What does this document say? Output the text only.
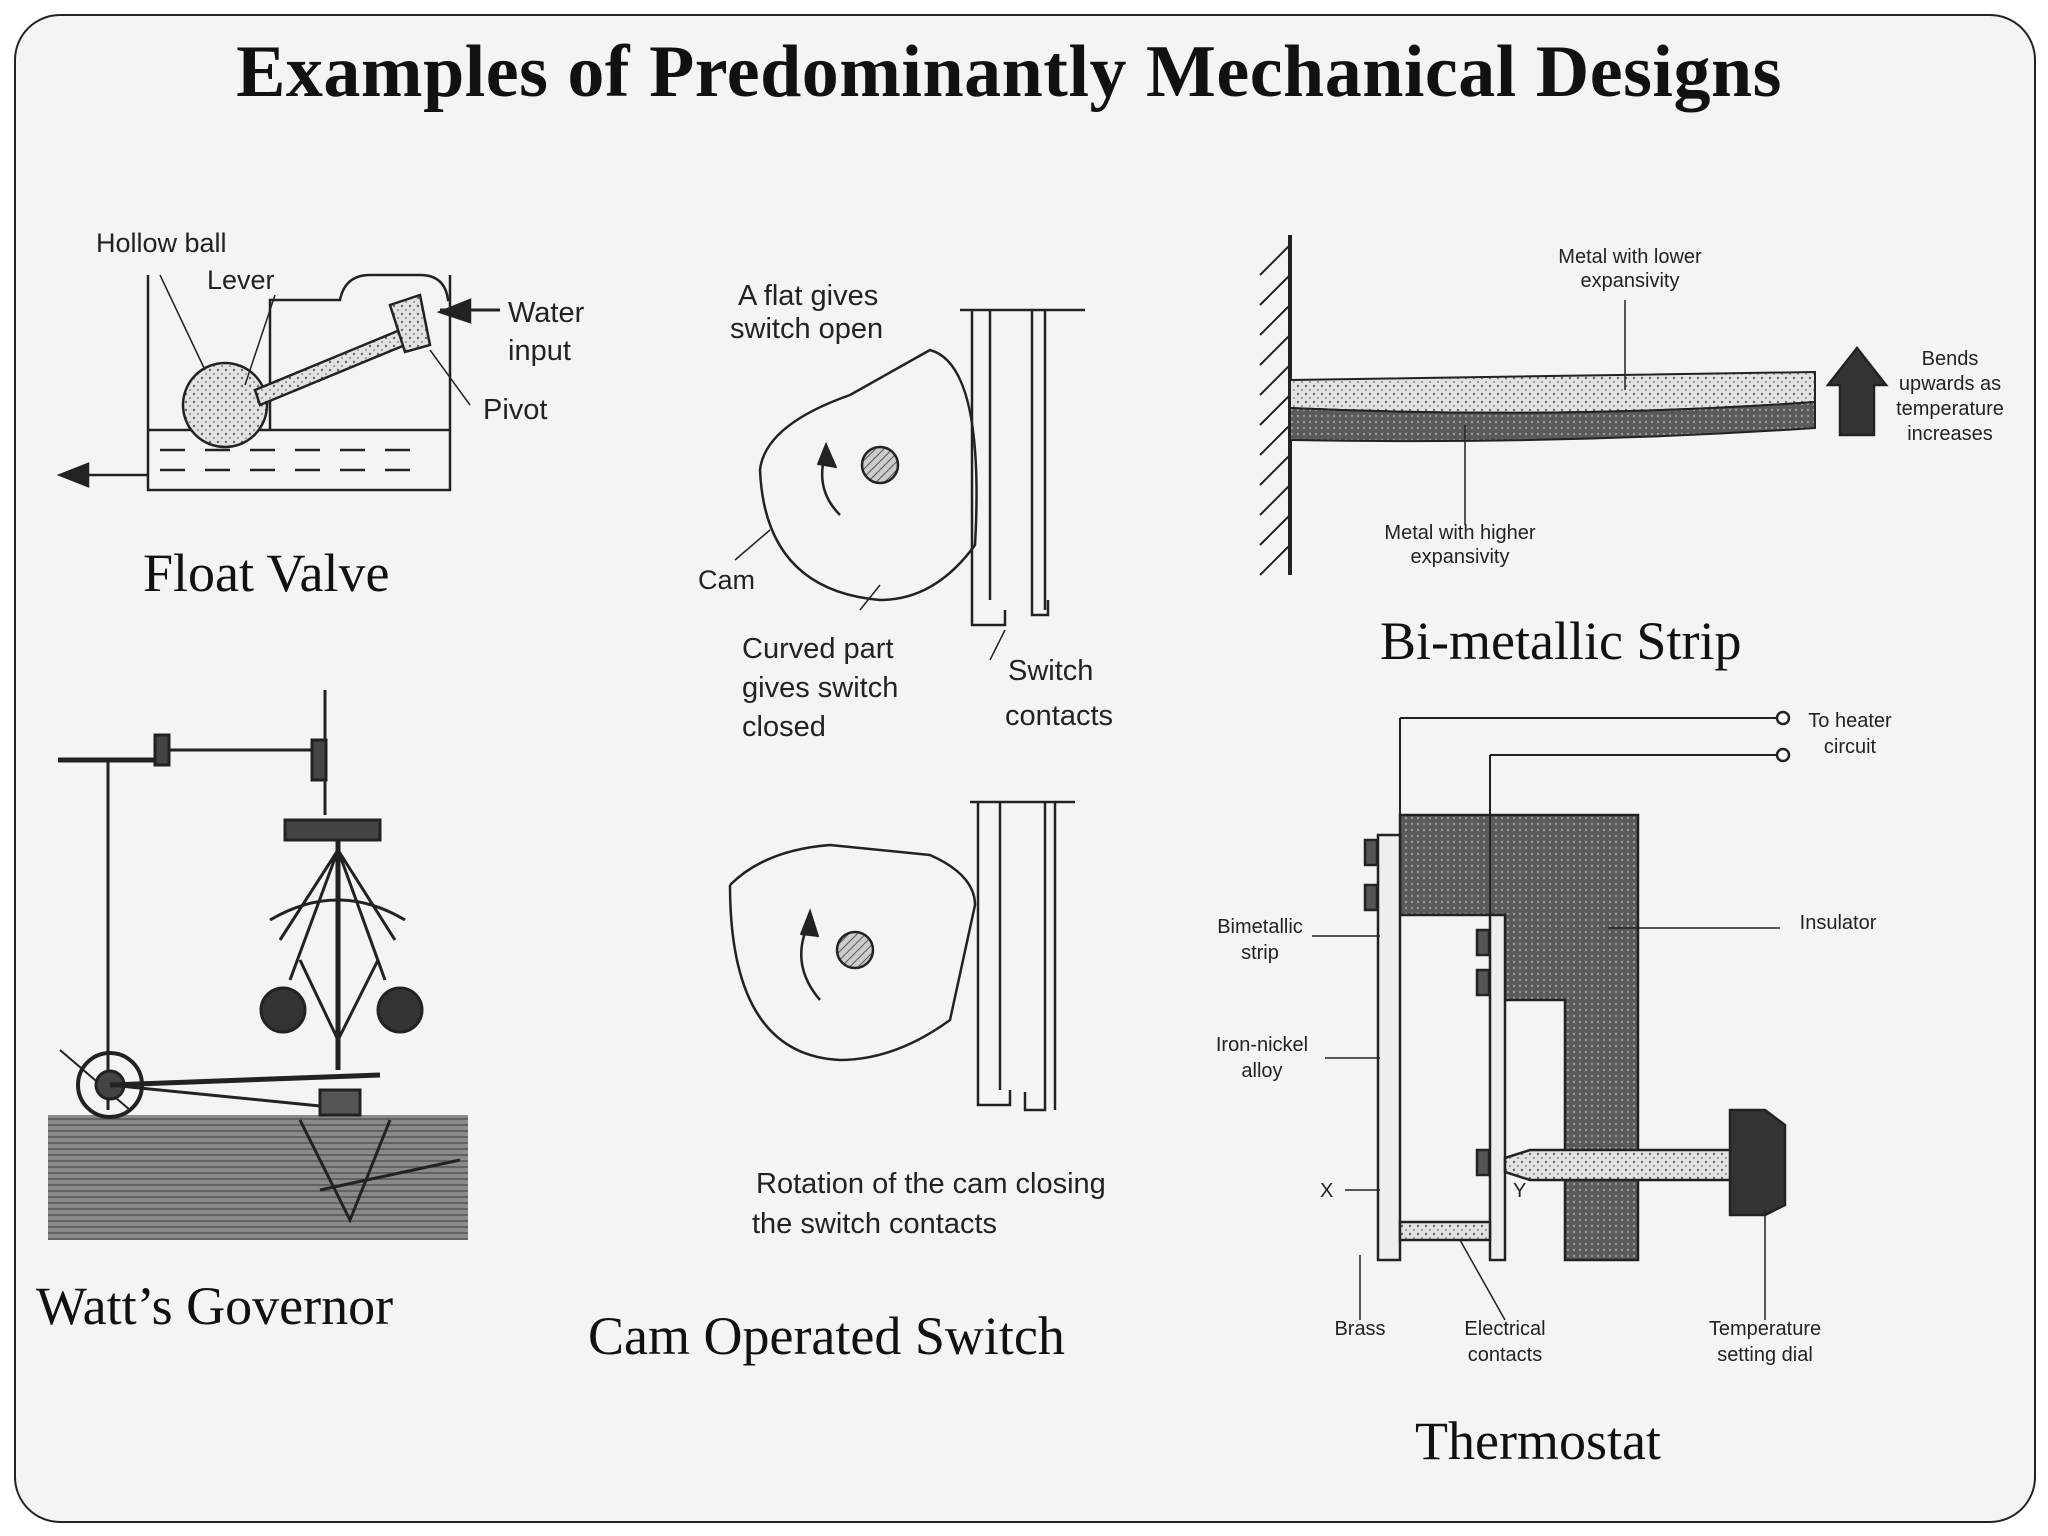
Examples of Predominantly Mechanical Designs
Float Valve
Watt’s Governor	Cam Operated Switch
Bi-metallic Strip
Thermostat
Hollow ball
Lever
Water
input
Pivot
A flat gives
switch open
Cam
Curved part
gives switch
closed
Switch
contacts
Rotation of the cam closing
the switch contacts
Metal with lower
expansivity
Metal with higher
expansivity
Bends
upwards as
temperature
increases
To heater
circuit
Insulator
Bimetallic
strip
Iron-nickel
alloy
X	Y
Brass	Electrical
contacts
Temperature
setting dial
